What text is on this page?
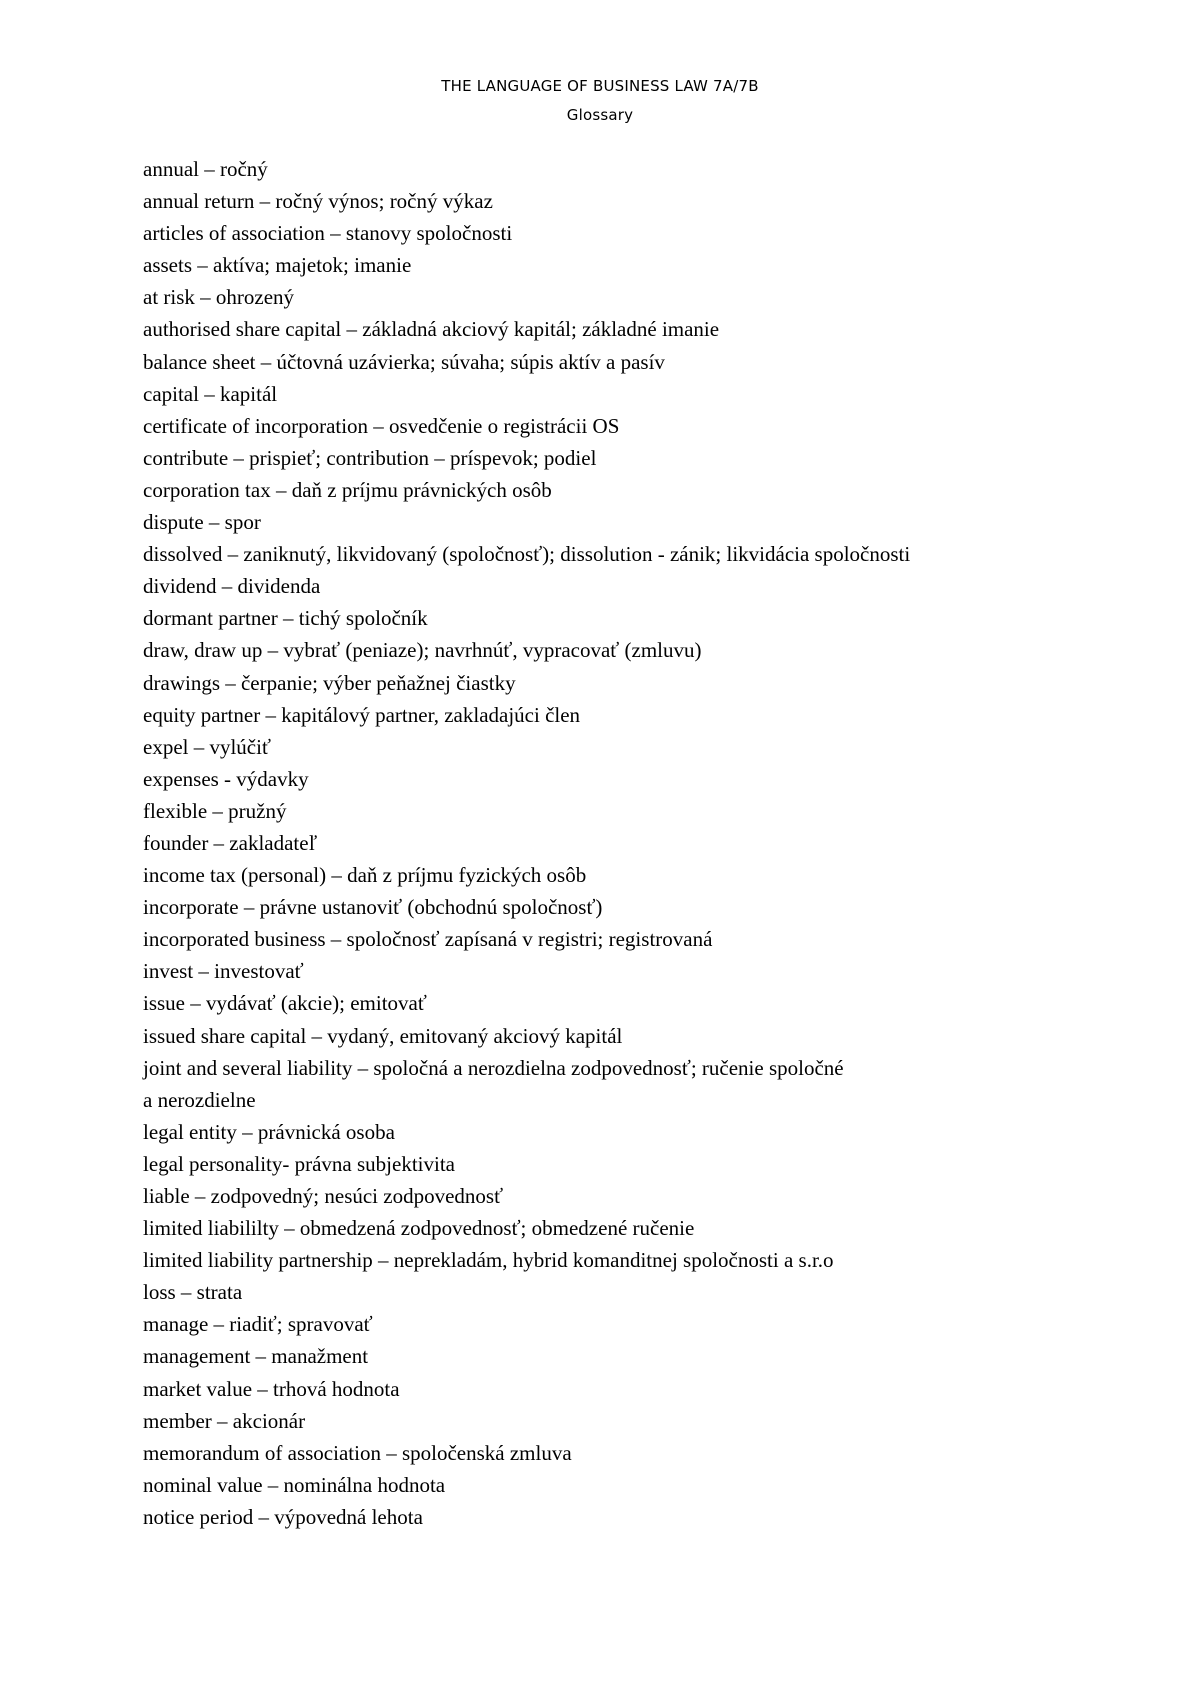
THE LANGUAGE OF BUSINESS LAW 7A/7B
Glossary
annual – ročný
annual return – ročný výnos; ročný výkaz
articles of association – stanovy spoločnosti
assets – aktíva; majetok; imanie
at risk – ohrozený
authorised share capital – základná akciový kapitál; základné imanie
balance sheet – účtovná uzávierka; súvaha; súpis aktív a pasív
capital – kapitál
certificate of incorporation – osvedčenie o registrácii OS
contribute – prispieť; contribution – príspevok; podiel
corporation tax – daň z príjmu právnických osôb
dispute – spor
dissolved – zaniknutý, likvidovaný (spoločnosť); dissolution - zánik; likvidácia spoločnosti
dividend – dividenda
dormant partner – tichý spoločník
draw, draw up – vybrať (peniaze); navrhnúť, vypracovať (zmluvu)
drawings – čerpanie; výber peňažnej čiastky
equity partner – kapitálový partner, zakladajúci člen
expel – vylúčiť
expenses - výdavky
flexible – pružný
founder – zakladateľ
income tax (personal) – daň z príjmu fyzických osôb
incorporate – právne ustanoviť (obchodnú spoločnosť)
incorporated business – spoločnosť zapísaná v registri; registrovaná
invest – investovať
issue – vydávať (akcie); emitovať
issued share capital – vydaný, emitovaný akciový kapitál
joint and several liability – spoločná a nerozdielna zodpovednosť; ručenie spoločné
a nerozdielne
legal entity – právnická osoba
legal personality- právna subjektivita
liable – zodpovedný; nesúci zodpovednosť
limited liabililty – obmedzená zodpovednosť; obmedzené ručenie
limited liability partnership – neprekladám, hybrid komanditnej spoločnosti a s.r.o
loss – strata
manage – riadiť; spravovať
management – manažment
market value – trhová hodnota
member – akcionár
memorandum of association – spoločenská zmluva
nominal value – nominálna hodnota
notice period – výpovedná lehota
